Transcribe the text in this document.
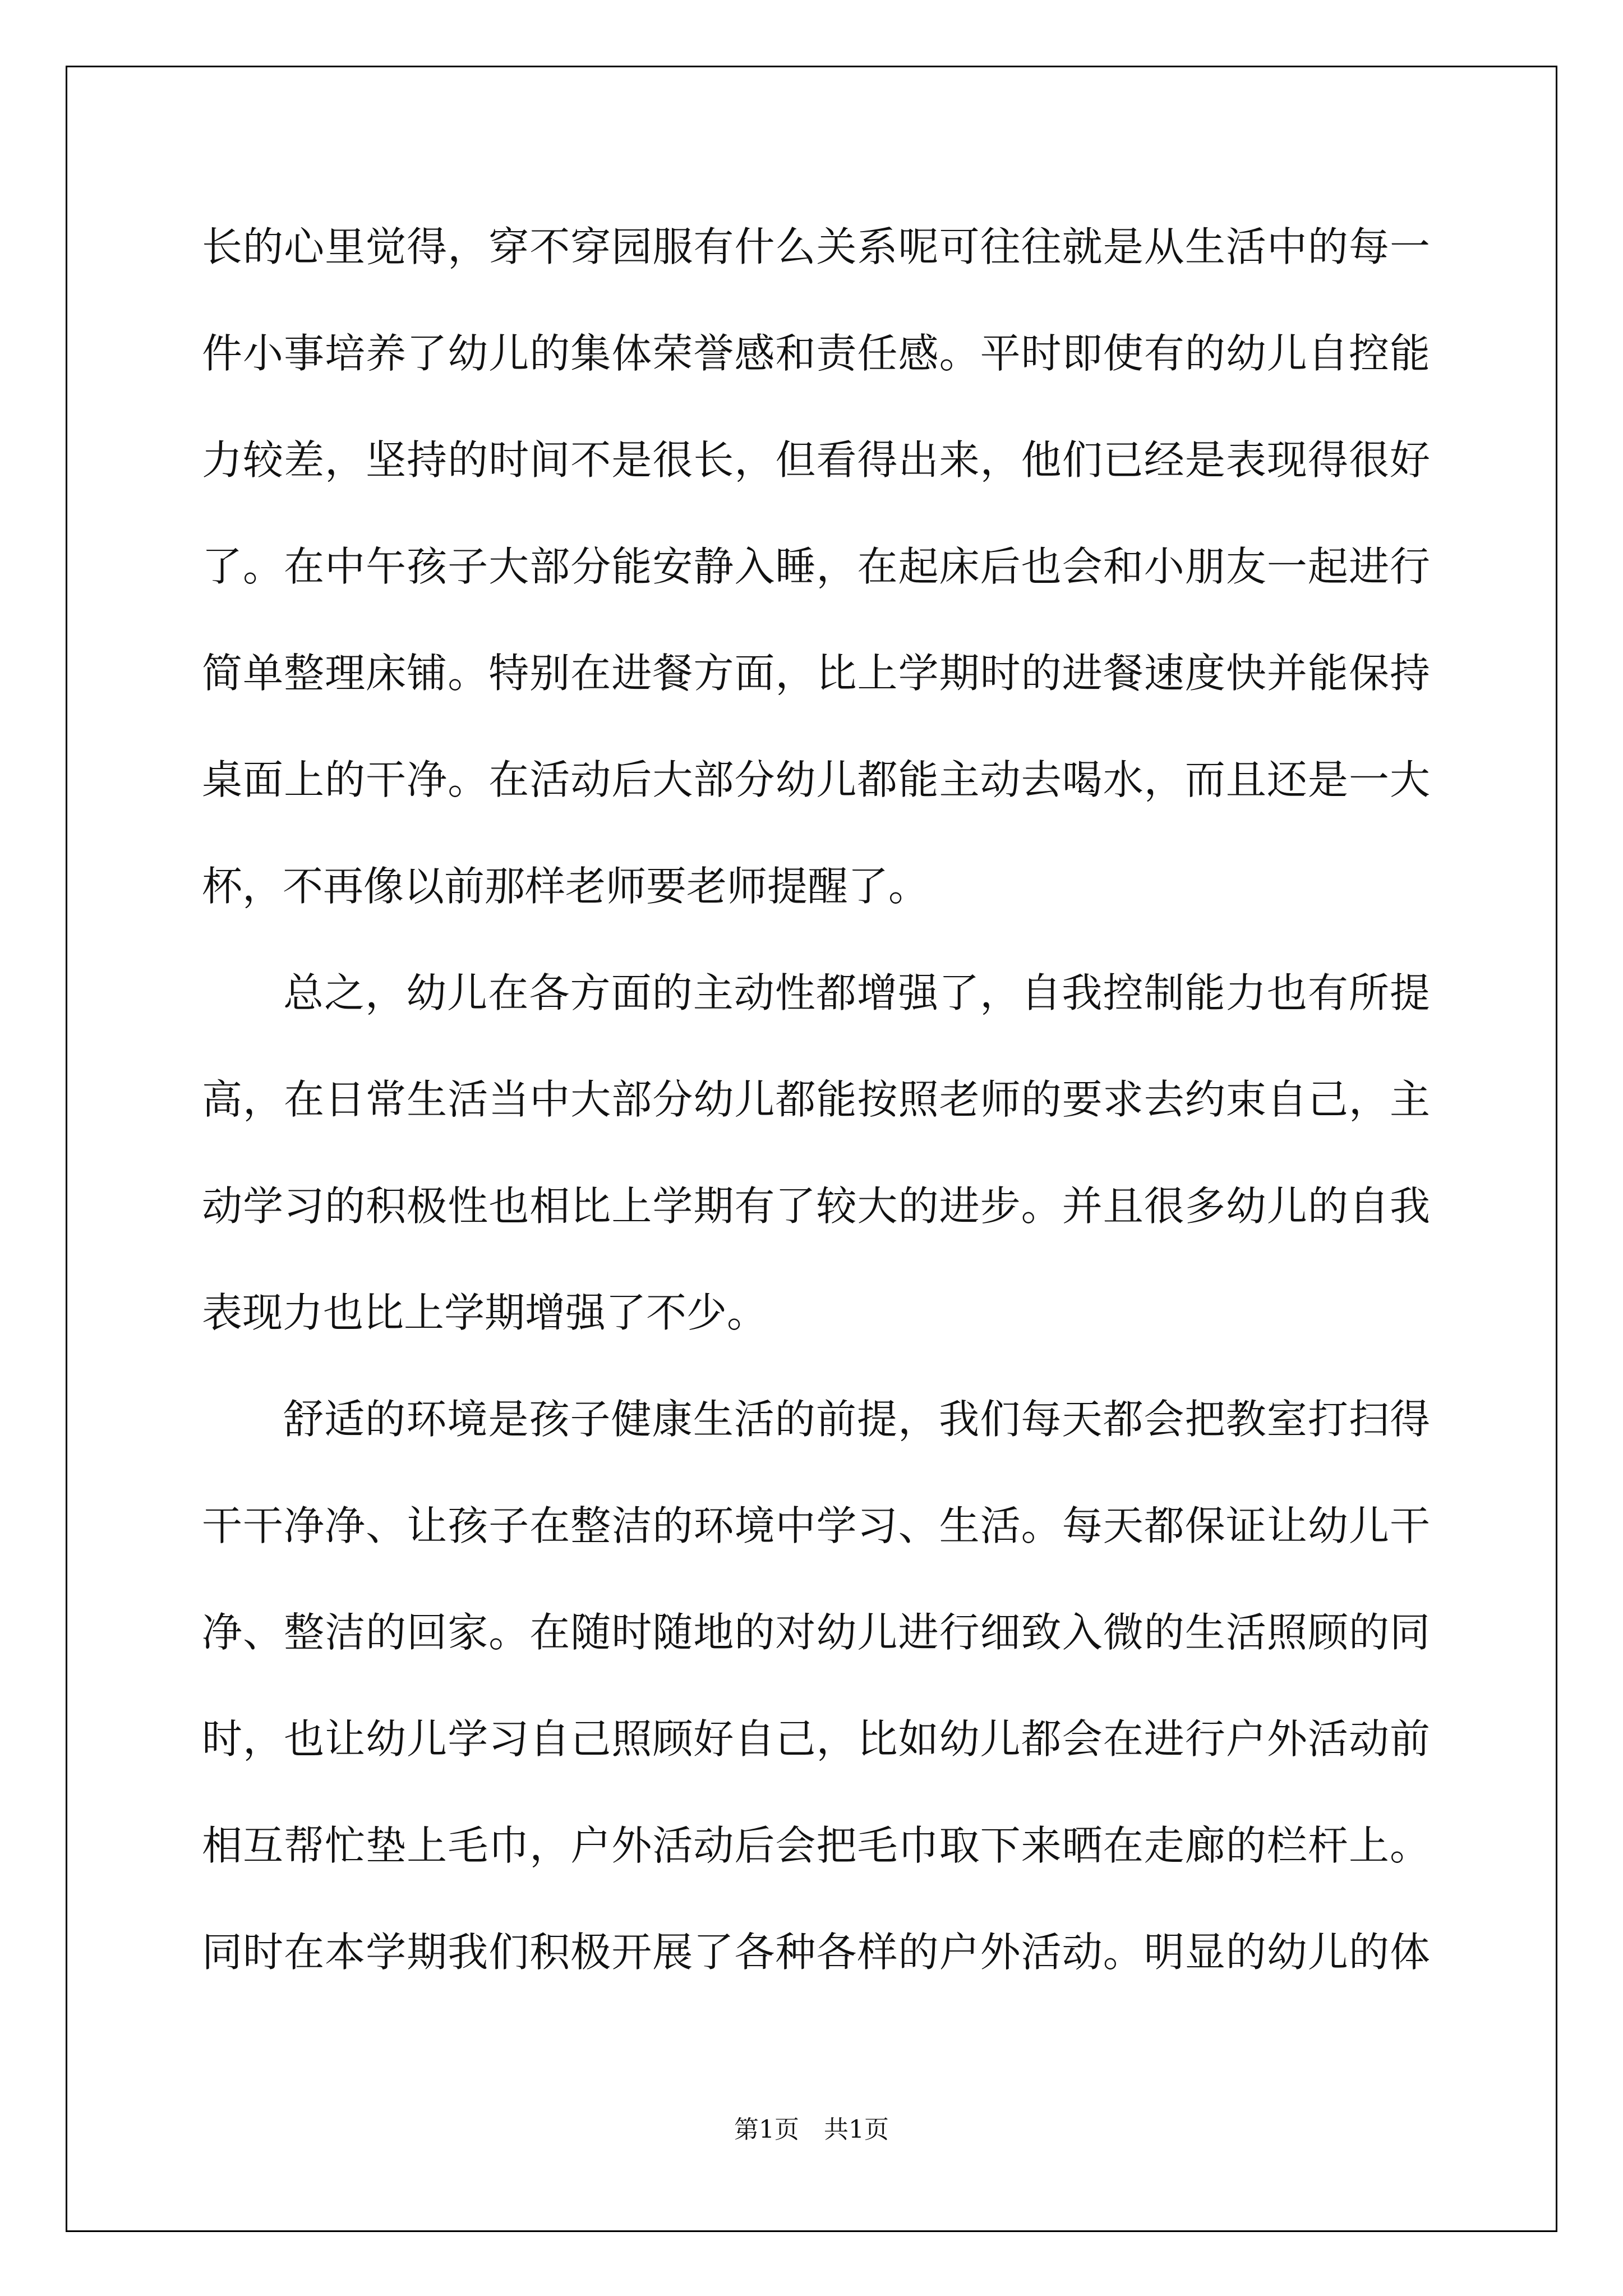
长的心里觉得，穿不穿园服有什么关系呢可往往就是从生活中的每一
件小事培养了幼儿的集体荣誉感和责任感。平时即使有的幼儿自控能
力较差，坚持的时间不是很长，但看得出来，他们已经是表现得很好
了。在中午孩子大部分能安静入睡，在起床后也会和小朋友一起进行
简单整理床铺。特别在进餐方面，比上学期时的进餐速度快并能保持
桌面上的干净。在活动后大部分幼儿都能主动去喝水，而且还是一大
杯，不再像以前那样老师要老师提醒了。
总之，幼儿在各方面的主动性都增强了，自我控制能力也有所提
高，在日常生活当中大部分幼儿都能按照老师的要求去约束自己，主
动学习的积极性也相比上学期有了较大的进步。并且很多幼儿的自我
表现力也比上学期增强了不少。
舒适的环境是孩子健康生活的前提，我们每天都会把教室打扫得
干干净净、让孩子在整洁的环境中学习、生活。每天都保证让幼儿干
净、整洁的回家。在随时随地的对幼儿进行细致入微的生活照顾的同
时，也让幼儿学习自己照顾好自己，比如幼儿都会在进行户外活动前
相互帮忙垫上毛巾，户外活动后会把毛巾取下来晒在走廊的栏杆上。
同时在本学期我们积极开展了各种各样的户外活动。明显的幼儿的体
第1页 共1页
